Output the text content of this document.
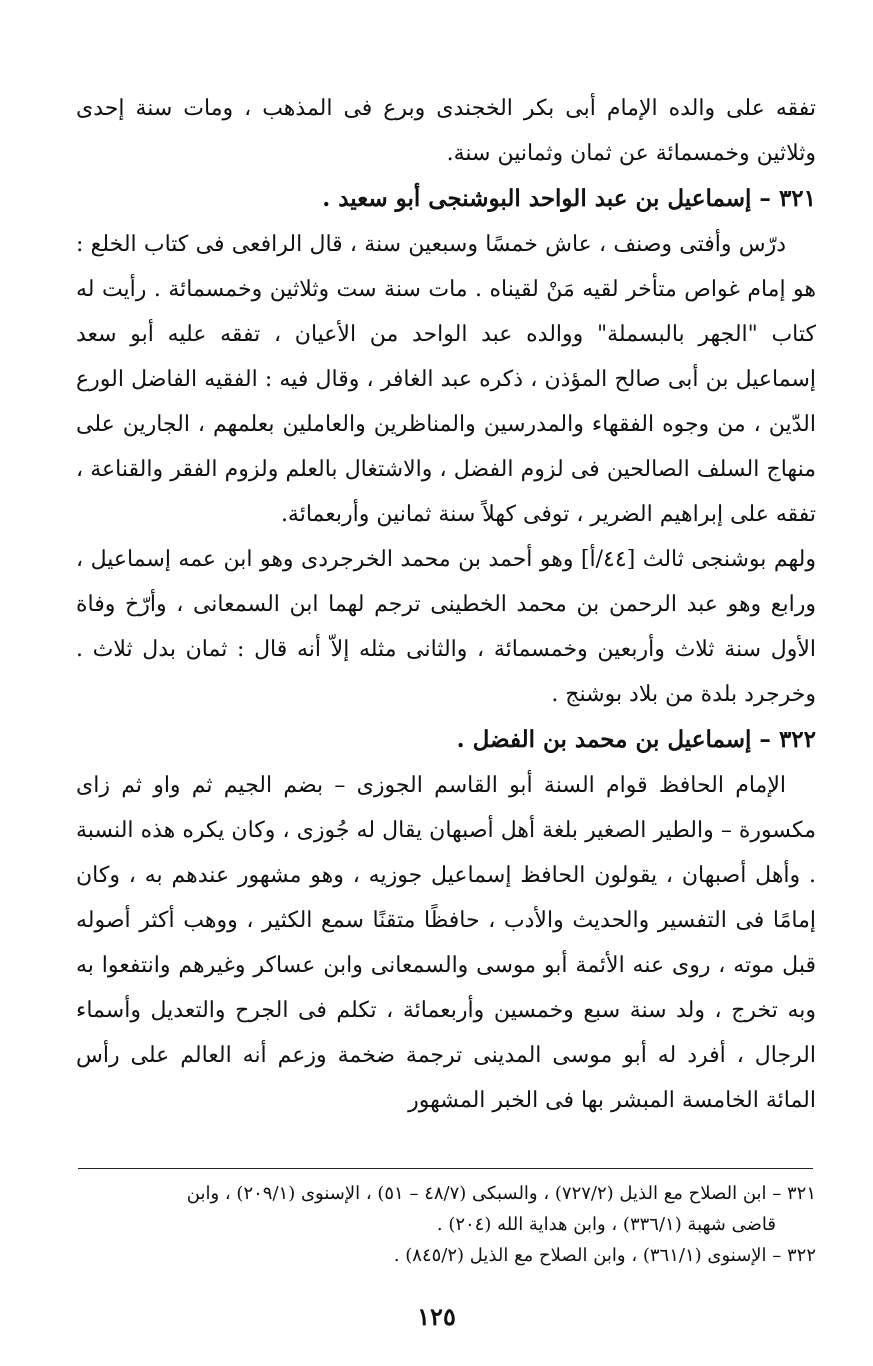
تفقه على والده الإمام أبى بكر الخجندى وبرع فى المذهب ، ومات سنة إحدى وثلاثين وخمسمائة عن ثمان وثمانين سنة.

٣٢١ – إسماعيل بن عبد الواحد البوشنجى أبو سعيد .

درّس وأفتى وصنف ، عاش خمسًا وسبعين سنة ، قال الرافعى فى كتاب الخلع : هو إمام غواص متأخر لقيه مَنْ لقيناه . مات سنة ست وثلاثين وخمسمائة . رأيت له كتاب "الجهر بالبسملة" ووالده عبد الواحد من الأعيان ، تفقه عليه أبو سعد إسماعيل بن أبى صالح المؤذن ، ذكره عبد الغافر ، وقال فيه : الفقيه الفاضل الورع الدّين ، من وجوه الفقهاء والمدرسين والمناظرين والعاملين بعلمهم ، الجارين على منهاج السلف الصالحين فى لزوم الفضل ، والاشتغال بالعلم ولزوم الفقر والقناعة ، تفقه على إبراهيم الضرير ، توفى كهلاً سنة ثمانين وأربعمائة.

ولهم بوشنجى ثالث [٤٤/أ] وهو أحمد بن محمد الخرجردى وهو ابن عمه إسماعيل ، ورابع وهو عبد الرحمن بن محمد الخطينى ترجم لهما ابن السمعانى ، وأرّخ وفاة الأول سنة ثلاث وأربعين وخمسمائة ، والثانى مثله إلاّ أنه قال : ثمان بدل ثلاث . وخرجرد بلدة من بلاد بوشنج .

٣٢٢ – إسماعيل بن محمد بن الفضل .

الإمام الحافظ قوام السنة أبو القاسم الجوزى – بضم الجيم ثم واو ثم زاى مكسورة – والطير الصغير بلغة أهل أصبهان يقال له جُوزى ، وكان يكره هذه النسبة . وأهل أصبهان ، يقولون الحافظ إسماعيل جوزيه ، وهو مشهور عندهم به ، وكان إمامًا فى التفسير والحديث والأدب ، حافظًا متقنًا سمع الكثير ، ووهب أكثر أصوله قبل موته ، روى عنه الأئمة أبو موسى والسمعانى وابن عساكر وغيرهم وانتفعوا به وبه تخرج ، ولد سنة سبع وخمسين وأربعمائة ، تكلم فى الجرح والتعديل وأسماء الرجال ، أفرد له أبو موسى المدينى ترجمة ضخمة وزعم أنه العالم على رأس المائة الخامسة المبشر بها فى الخبر المشهور

٣٢١ – ابن الصلاح مع الذيل (٧٢٧/٢) ، والسبكى (٤٨/٧ – ٥١) ، الإسنوى (٢٠٩/١) ، وابن

قاضى شهبة (٣٣٦/١) ، وابن هداية الله (٢٠٤) .

٣٢٢ – الإسنوى (٣٦١/١) ، وابن الصلاح مع الذيل (٨٤٥/٢) .

١٢٥
